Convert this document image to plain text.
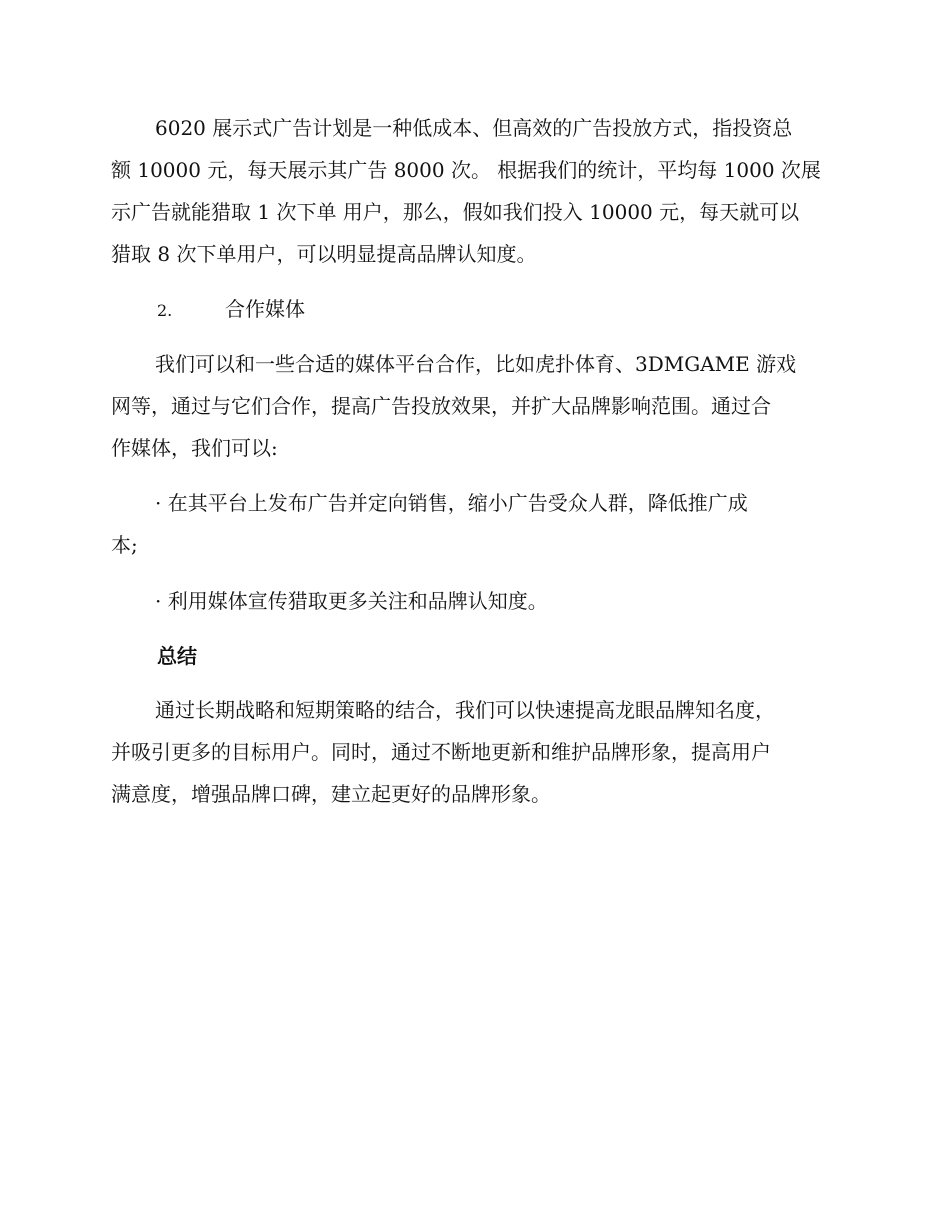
6020 展示式广告计划是一种低成本、但高效的广告投放方式，指投资总
额 10000 元，每天展示其广告 8000 次。 根据我们的统计，平均每 1000 次展
示广告就能猎取 1 次下单 用户，那么，假如我们投入 10000 元，每天就可以
猎取 8 次下单用户，可以明显提高品牌认知度。
2.	合作媒体
我们可以和一些合适的媒体平台合作，比如虎扑体育、3DMGAME 游戏
网等，通过与它们合作，提高广告投放效果，并扩大品牌影响范围。通过合
作媒体，我们可以:
· 在其平台上发布广告并定向销售，缩小广告受众人群，降低推广成
本;
· 利用媒体宣传猎取更多关注和品牌认知度。
总结
通过长期战略和短期策略的结合，我们可以快速提高龙眼品牌知名度，
并吸引更多的目标用户。同时，通过不断地更新和维护品牌形象，提高用户
满意度，增强品牌口碑，建立起更好的品牌形象。
